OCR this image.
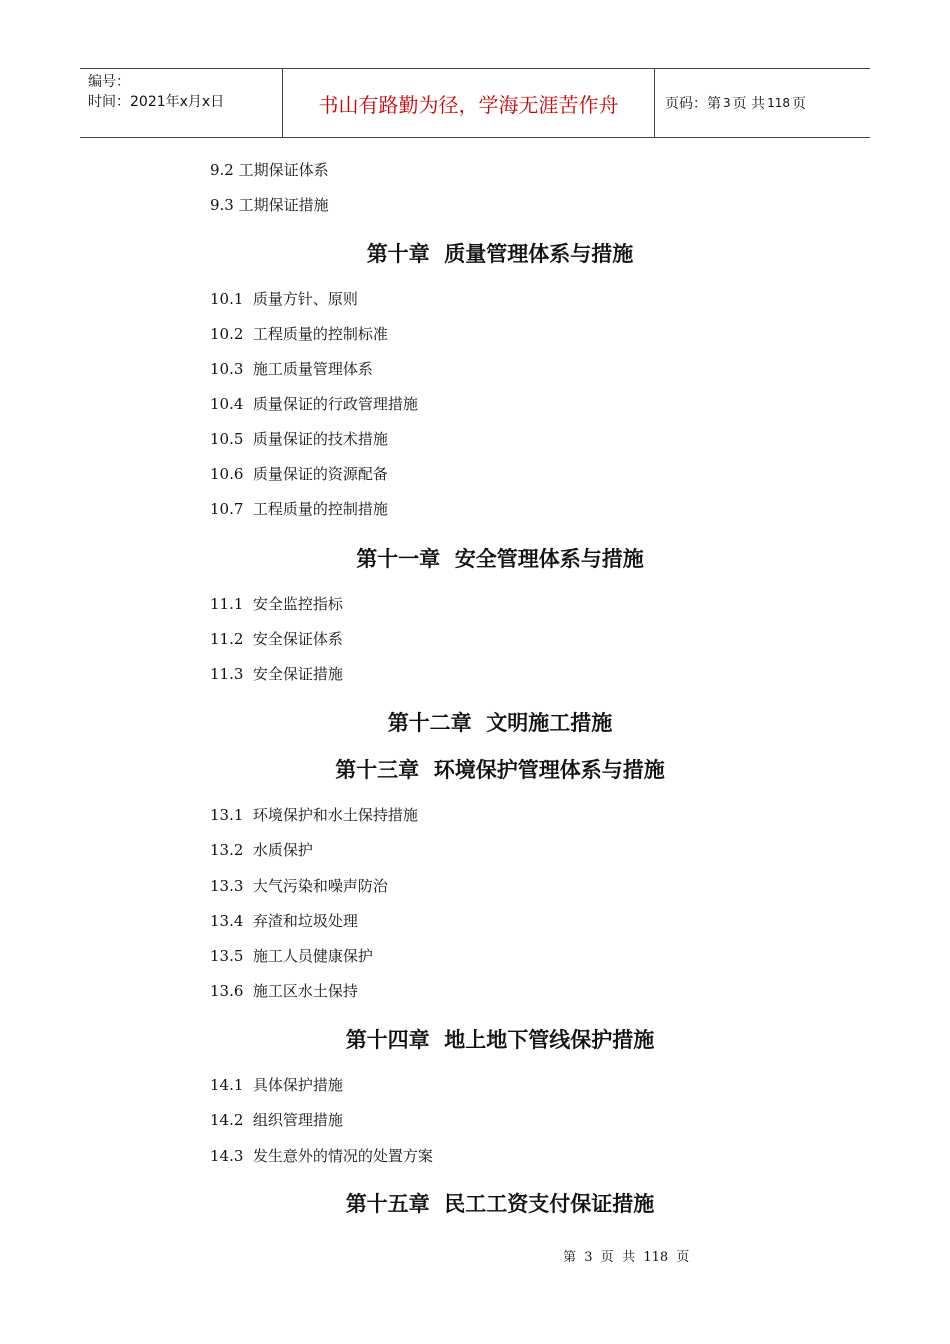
编号：
时间：2021年x月x日	书山有路勤为径，学海无涯苦作舟	页码：第 3 页 共 118 页
9.2 工期保证体系
9.3 工期保证措施
第十章  质量管理体系与措施
10.1  质量方针、原则
10.2  工程质量的控制标准
10.3  施工质量管理体系
10.4  质量保证的行政管理措施
10.5  质量保证的技术措施
10.6  质量保证的资源配备
10.7  工程质量的控制措施
第十一章  安全管理体系与措施
11.1  安全监控指标
11.2  安全保证体系
11.3  安全保证措施
第十二章  文明施工措施
第十三章  环境保护管理体系与措施
13.1  环境保护和水土保持措施
13.2  水质保护
13.3  大气污染和噪声防治
13.4  弃渣和垃圾处理
13.5  施工人员健康保护
13.6  施工区水土保持
第十四章  地上地下管线保护措施
14.1  具体保护措施
14.2  组织管理措施
14.3  发生意外的情况的处置方案
第十五章  民工工资支付保证措施
第  3  页  共  118  页
